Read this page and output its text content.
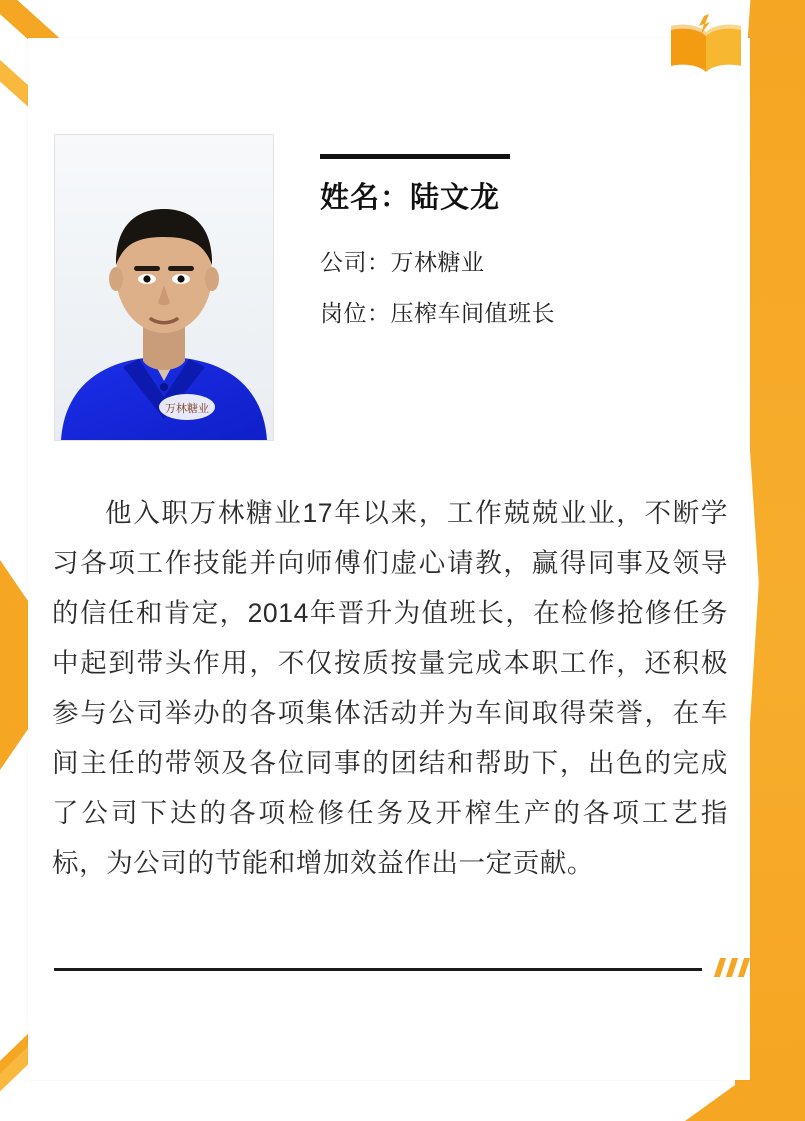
万林糖业
姓名：陆文龙
公司：万林糖业
岗位：压榨车间值班长
他入职万林糖业17年以来，工作兢兢业业，不断学习各项工作技能并向师傅们虚心请教，赢得同事及领导的信任和肯定，2014年晋升为值班长，在检修抢修任务中起到带头作用，不仅按质按量完成本职工作，还积极参与公司举办的各项集体活动并为车间取得荣誉，在车间主任的带领及各位同事的团结和帮助下，出色的完成了公司下达的各项检修任务及开榨生产的各项工艺指标，为公司的节能和增加效益作出一定贡献。
